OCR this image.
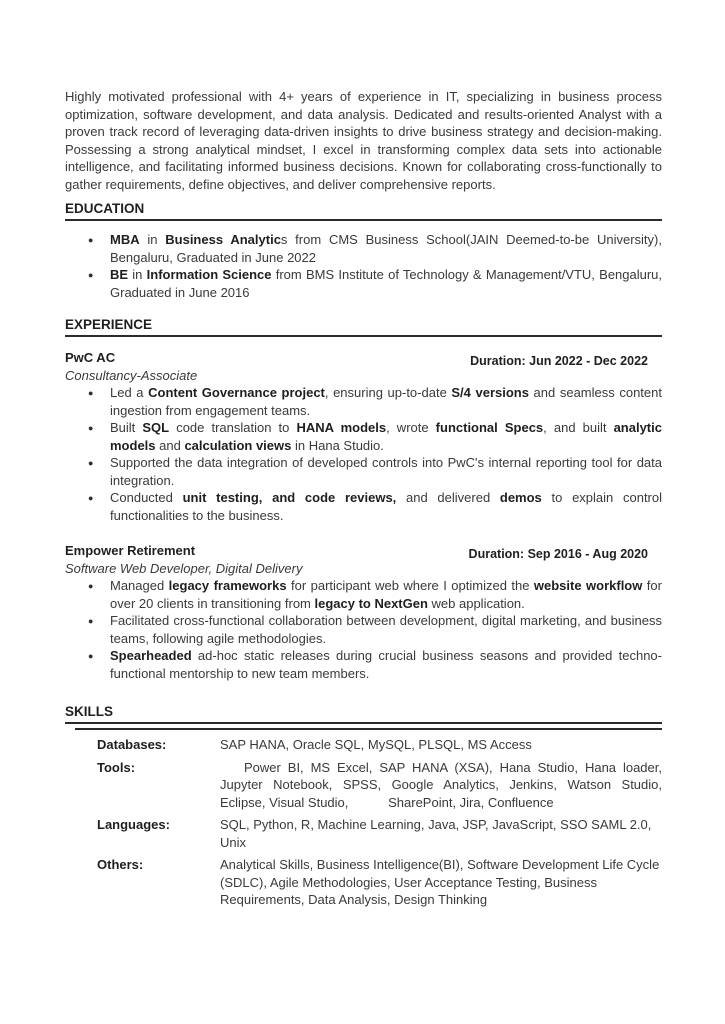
Highly motivated professional with 4+ years of experience in IT, specializing in business process optimization, software development, and data analysis. Dedicated and results-oriented Analyst with a proven track record of leveraging data-driven insights to drive business strategy and decision-making. Possessing a strong analytical mindset, I excel in transforming complex data sets into actionable intelligence, and facilitating informed business decisions. Known for collaborating cross-functionally to gather requirements, define objectives, and deliver comprehensive reports.

EDUCATION
● MBA in Business Analytics from CMS Business School(JAIN Deemed-to-be University), Bengaluru, Graduated in June 2022
● BE in Information Science from BMS Institute of Technology & Management/VTU, Bengaluru, Graduated in June 2016
EXPERIENCE
PwC AC	Duration: Jun 2022 - Dec 2022
Consultancy-Associate
● Led a Content Governance project, ensuring up-to-date S/4 versions and seamless content ingestion from engagement teams.
● Built SQL code translation to HANA models, wrote functional Specs, and built analytic models and calculation views in Hana Studio.
● Supported the data integration of developed controls into PwC's internal reporting tool for data integration.
● Conducted unit testing, and code reviews, and delivered demos to explain control functionalities to the business.
Empower Retirement	Duration: Sep 2016 - Aug 2020
Software Web Developer, Digital Delivery
● Managed legacy frameworks for participant web where I optimized the website workflow for over 20 clients in transitioning from legacy to NextGen web application.
● Facilitated cross-functional collaboration between development, digital marketing, and business teams, following agile methodologies.
● Spearheaded ad-hoc static releases during crucial business seasons and provided techno-functional mentorship to new team members.
SKILLS
Databases:	SAP HANA, Oracle SQL, MySQL, PLSQL, MS Access
Tools:	Power BI, MS Excel, SAP HANA (XSA), Hana Studio, Hana loader, Jupyter Notebook, SPSS, Google Analytics, Jenkins, Watson Studio, Eclipse, Visual Studio,           SharePoint, Jira, Confluence
Languages:	SQL, Python, R, Machine Learning, Java, JSP, JavaScript, SSO SAML 2.0, Unix
Others:	Analytical Skills, Business Intelligence(BI), Software Development Life Cycle (SDLC), Agile Methodologies, User Acceptance Testing, Business Requirements, Data Analysis, Design Thinking
